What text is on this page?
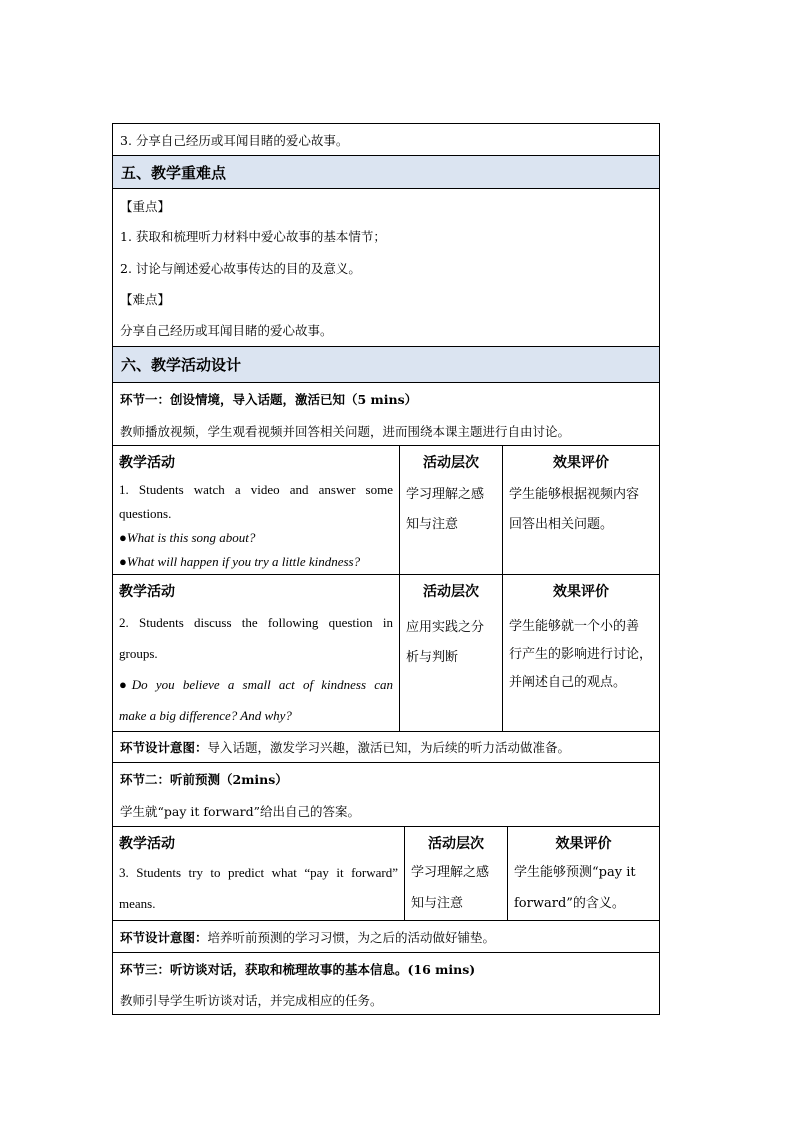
3. 分享自己经历或耳闻目睹的爱心故事。
五、教学重难点
【重点】
1. 获取和梳理听力材料中爱心故事的基本情节；
2. 讨论与阐述爱心故事传达的目的及意义。
【难点】
分享自己经历或耳闻目睹的爱心故事。
六、教学活动设计
环节一：创设情境，导入话题，激活已知（5 mins）
教师播放视频，学生观看视频并回答相关问题，进而围绕本课主题进行自由讨论。
教学活动
1. Students watch a video and answer some
questions.
●What is this song about?
●What will happen if you try a little kindness?
活动层次
学习理解之感
知与注意
效果评价
学生能够根据视频内容
回答出相关问题。
教学活动
2. Students discuss the following question in
groups.
●Do you believe a small act of kindness can
make a big difference? And why?
活动层次
应用实践之分
析与判断
效果评价
学生能够就一个小的善
行产生的影响进行讨论，
并阐述自己的观点。
环节设计意图： 导入话题，激发学习兴趣，激活已知，为后续的听力活动做准备。
环节二：听前预测（2mins）
学生就“pay it forward”给出自己的答案。
教学活动
3. Students try to predict what “pay it forward”
means.
活动层次
学习理解之感
知与注意
效果评价
学生能够预测“pay it
forward”的含义。
环节设计意图： 培养听前预测的学习习惯，为之后的活动做好铺垫。
环节三：听访谈对话，获取和梳理故事的基本信息。(16 mins)
教师引导学生听访谈对话，并完成相应的任务。
